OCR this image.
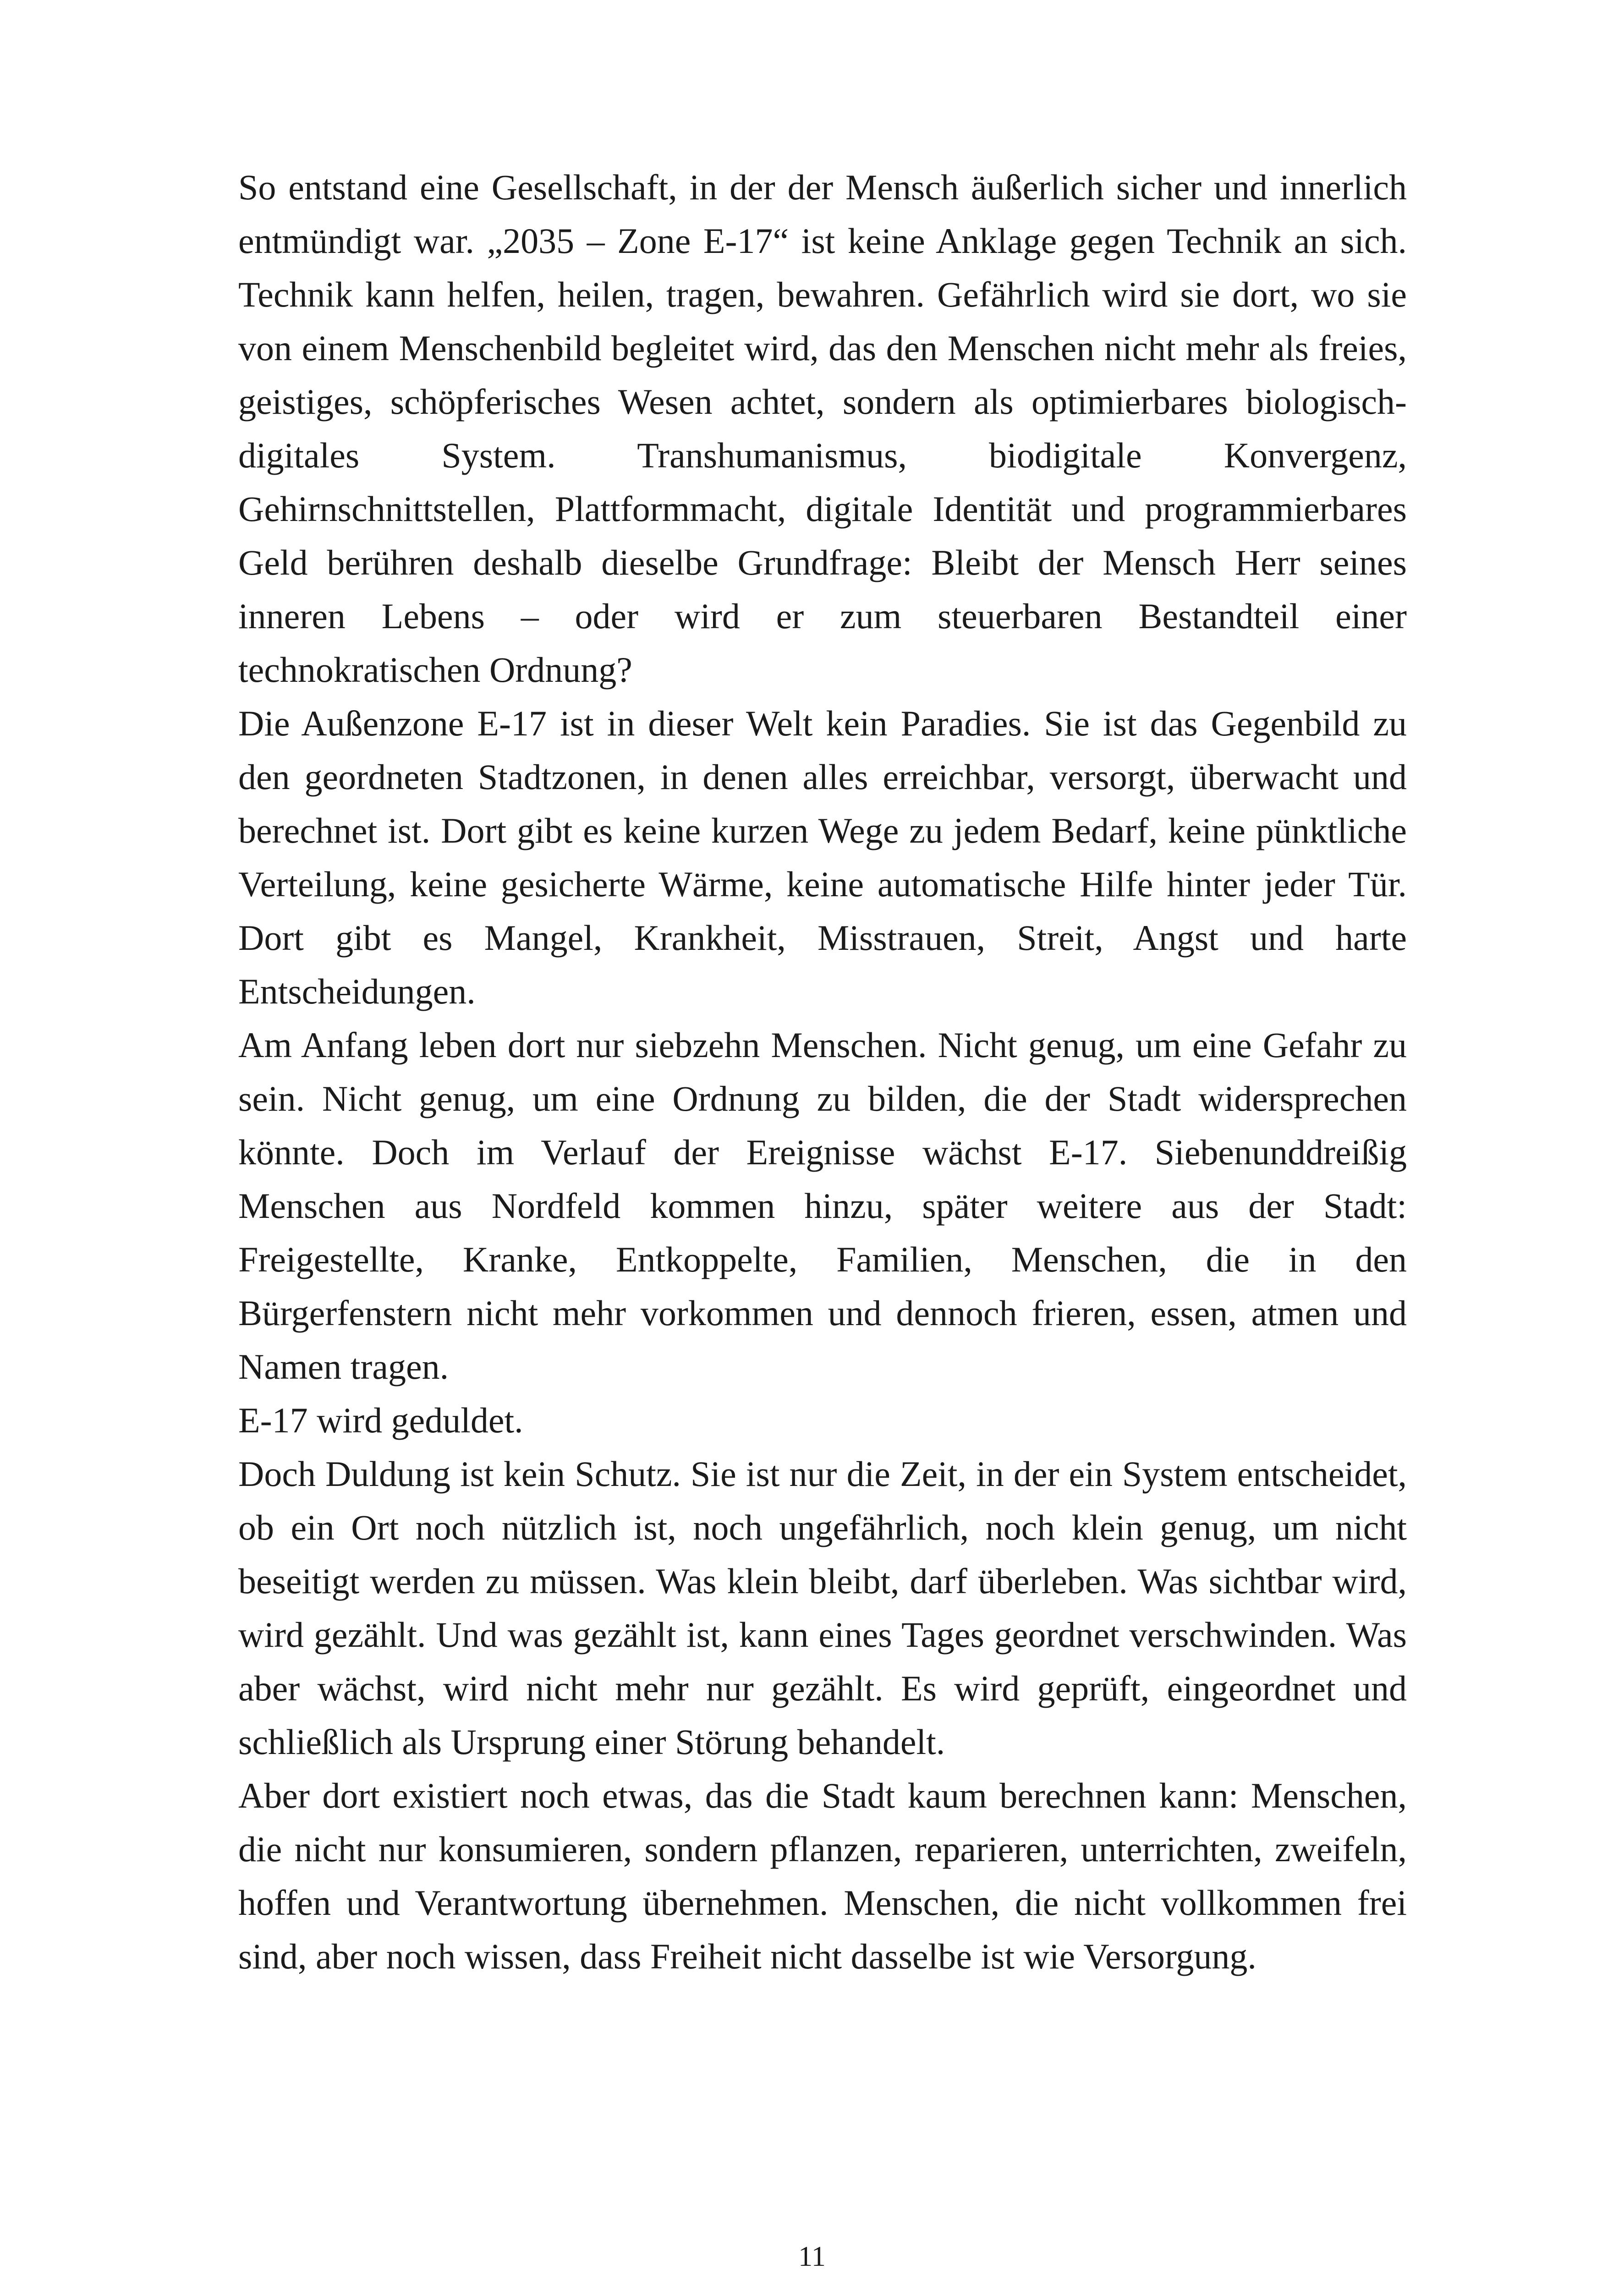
So entstand eine Gesellschaft, in der der Mensch äußerlich sicher und innerlich entmündigt war. „2035 – Zone E-17“ ist keine Anklage gegen Technik an sich. Technik kann helfen, heilen, tragen, bewahren. Gefährlich wird sie dort, wo sie von einem Menschenbild begleitet wird, das den Menschen nicht mehr als freies, geistiges, schöpferisches Wesen achtet, sondern als optimierbares biologisch-digitales System. Transhumanismus, biodigitale Konvergenz, Gehirnschnittstellen, Plattformmacht, digitale Identität und programmierbares Geld berühren deshalb dieselbe Grundfrage: Bleibt der Mensch Herr seines inneren Lebens – oder wird er zum steuerbaren Bestandteil einer technokratischen Ordnung?

Die Außenzone E-17 ist in dieser Welt kein Paradies. Sie ist das Gegenbild zu den geordneten Stadtzonen, in denen alles erreichbar, versorgt, überwacht und berechnet ist. Dort gibt es keine kurzen Wege zu jedem Bedarf, keine pünktliche Verteilung, keine gesicherte Wärme, keine automatische Hilfe hinter jeder Tür. Dort gibt es Mangel, Krankheit, Misstrauen, Streit, Angst und harte Entscheidungen.

Am Anfang leben dort nur siebzehn Menschen. Nicht genug, um eine Gefahr zu sein. Nicht genug, um eine Ordnung zu bilden, die der Stadt widersprechen könnte. Doch im Verlauf der Ereignisse wächst E-17. Siebenunddreißig Menschen aus Nordfeld kommen hinzu, später weitere aus der Stadt: Freigestellte, Kranke, Entkoppelte, Familien, Menschen, die in den Bürgerfenstern nicht mehr vorkommen und dennoch frieren, essen, atmen und Namen tragen.

E-17 wird geduldet.

Doch Duldung ist kein Schutz. Sie ist nur die Zeit, in der ein System entscheidet, ob ein Ort noch nützlich ist, noch ungefährlich, noch klein genug, um nicht beseitigt werden zu müssen. Was klein bleibt, darf überleben. Was sichtbar wird, wird gezählt. Und was gezählt ist, kann eines Tages geordnet verschwinden. Was aber wächst, wird nicht mehr nur gezählt. Es wird geprüft, eingeordnet und schließlich als Ursprung einer Störung behandelt.

Aber dort existiert noch etwas, das die Stadt kaum berechnen kann: Menschen, die nicht nur konsumieren, sondern pflanzen, reparieren, unterrichten, zweifeln, hoffen und Verantwortung übernehmen. Menschen, die nicht vollkommen frei sind, aber noch wissen, dass Freiheit nicht dasselbe ist wie Versorgung.

11
